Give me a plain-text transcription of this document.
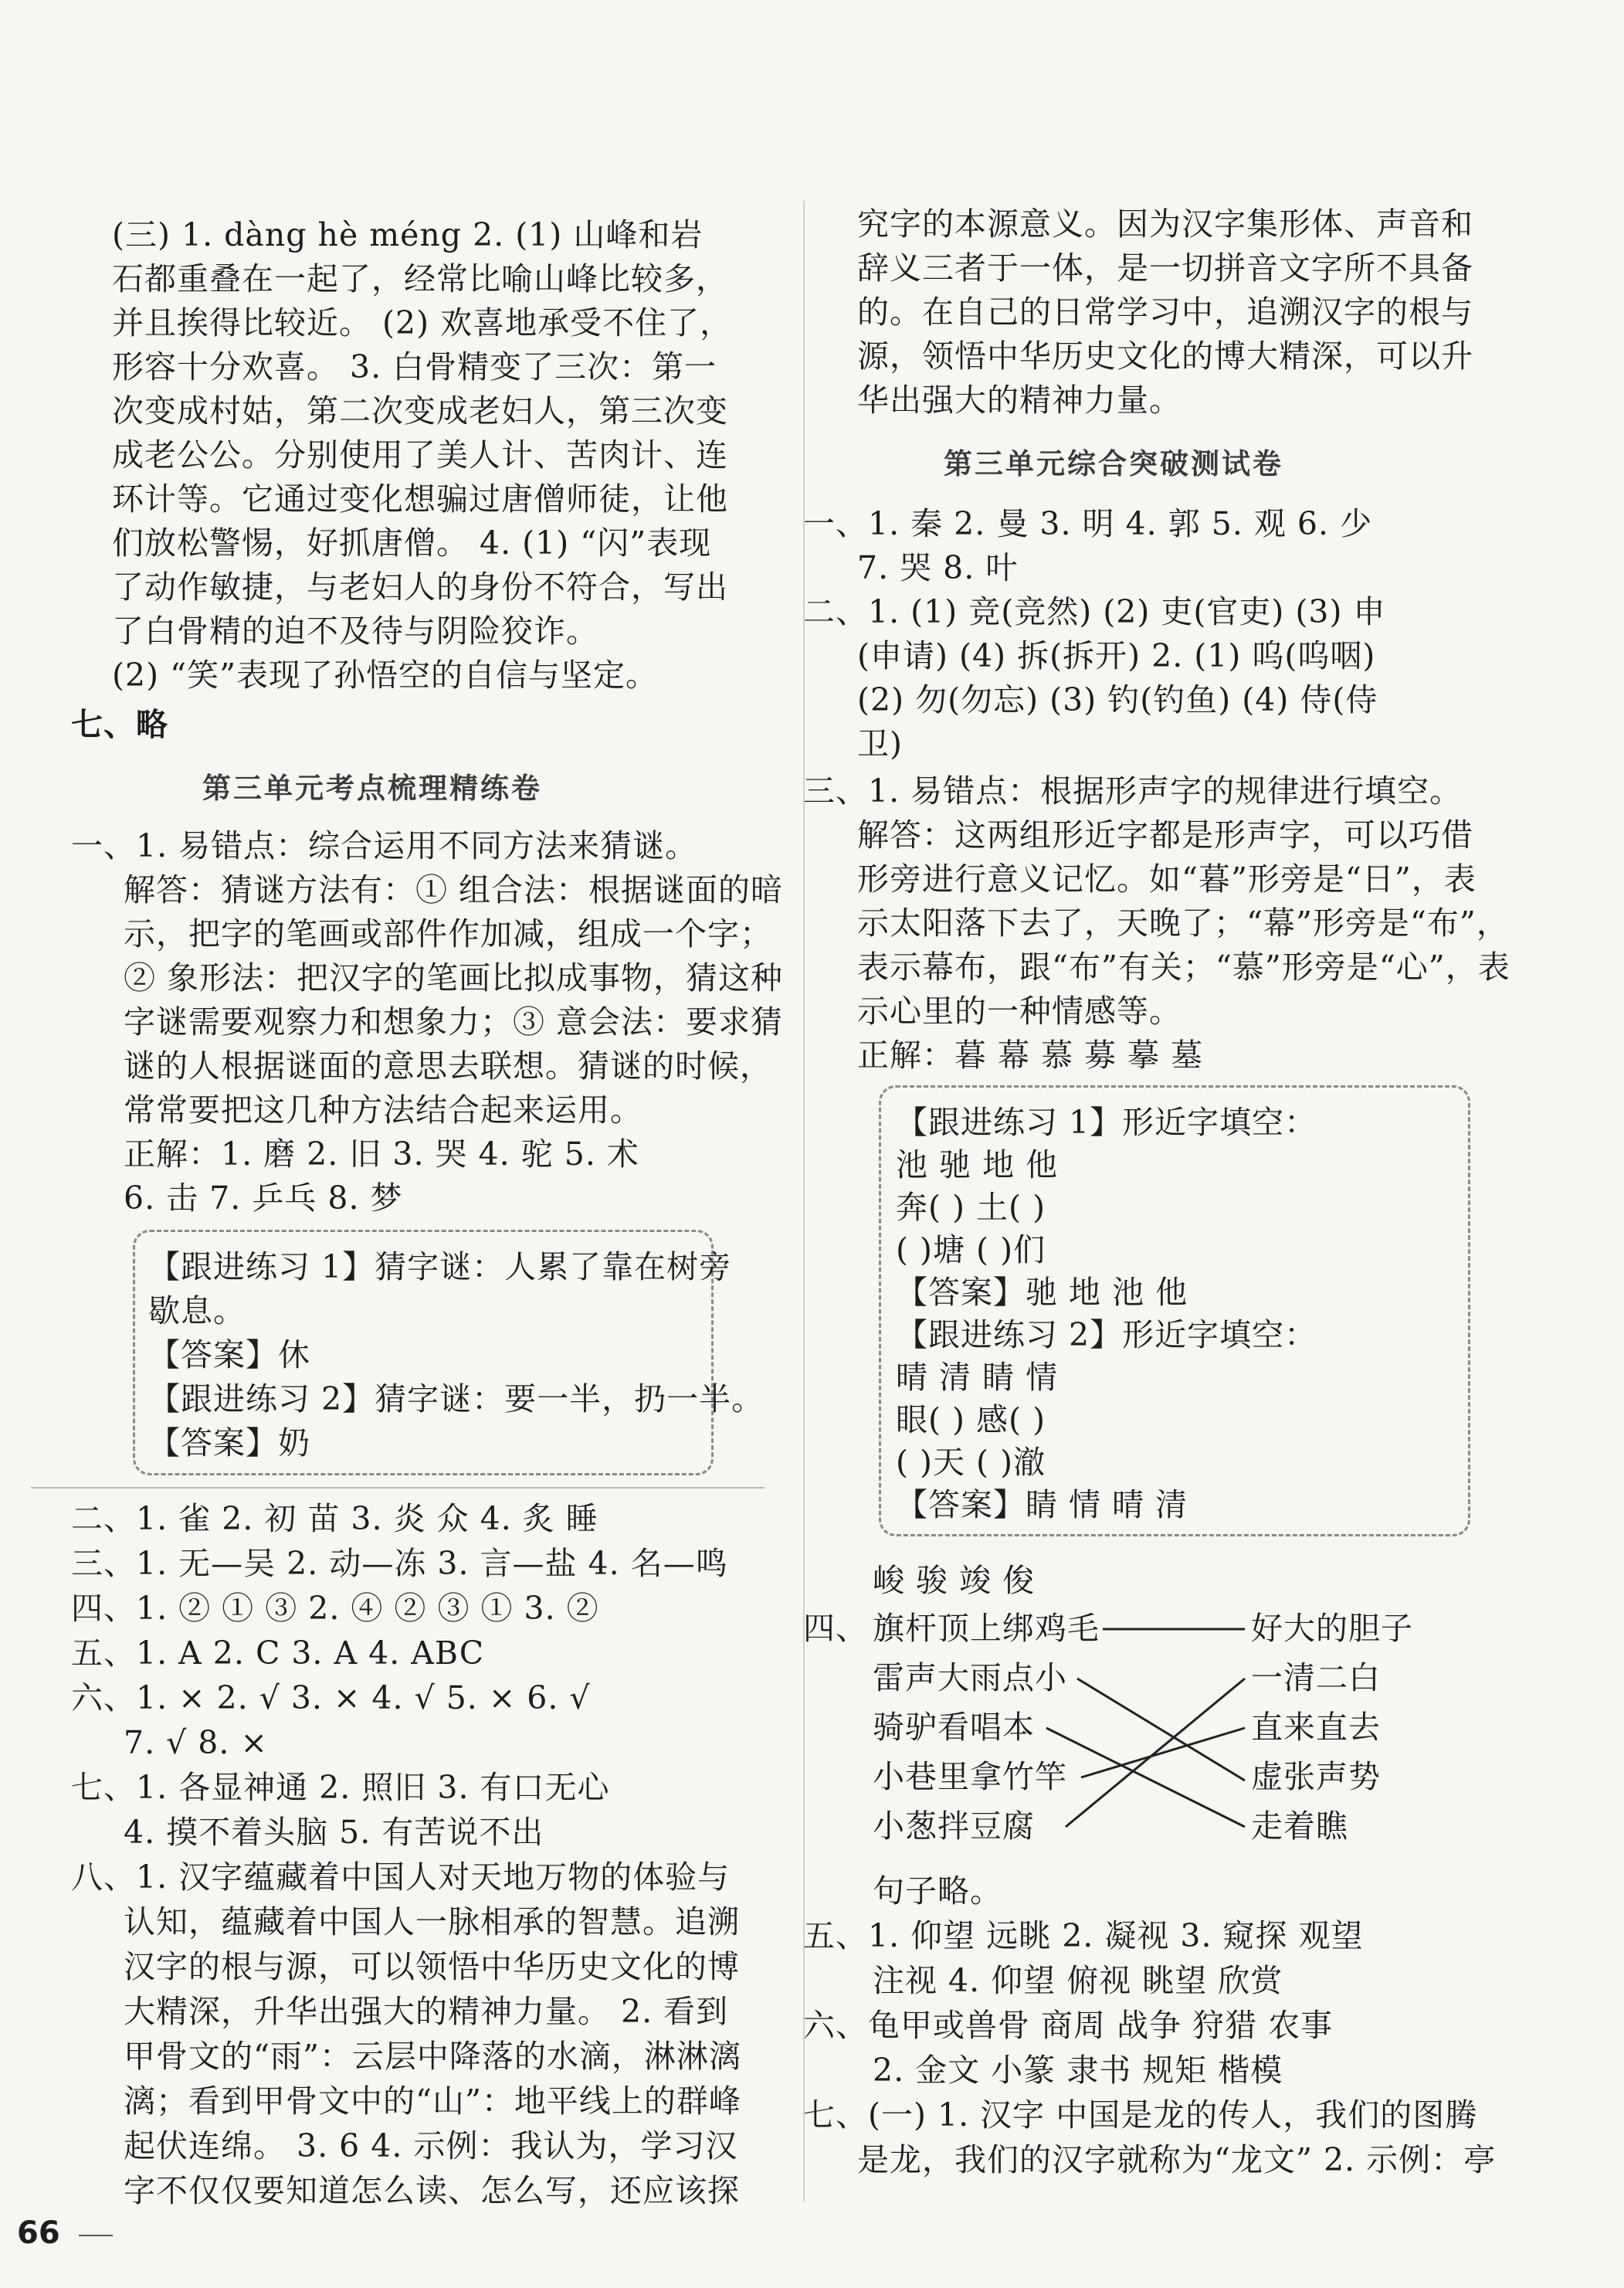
(三) 1. dàng hè méng 2. (1) 山峰和岩
石都重叠在一起了，经常比喻山峰比较多，
并且挨得比较近。 (2) 欢喜地承受不住了，
形容十分欢喜。 3. 白骨精变了三次：第一
次变成村姑，第二次变成老妇人，第三次变
成老公公。分别使用了美人计、苦肉计、连
环计等。它通过变化想骗过唐僧师徒，让他
们放松警惕，好抓唐僧。 4. (1) “闪”表现
了动作敏捷，与老妇人的身份不符合，写出
了白骨精的迫不及待与阴险狡诈。
(2) “笑”表现了孙悟空的自信与坚定。
七、略
第三单元考点梳理精练卷
一、1. 易错点：综合运用不同方法来猜谜。
解答：猜谜方法有：① 组合法：根据谜面的暗
示，把字的笔画或部件作加减，组成一个字；
② 象形法：把汉字的笔画比拟成事物，猜这种
字谜需要观察力和想象力；③ 意会法：要求猜
谜的人根据谜面的意思去联想。猜谜的时候，
常常要把这几种方法结合起来运用。
正解：1. 磨 2. 旧 3. 哭 4. 驼 5. 术
6. 击 7. 乒乓 8. 梦
【跟进练习 1】猜字谜：人累了靠在树旁
歇息。
【答案】休
【跟进练习 2】猜字谜：要一半，扔一半。
【答案】奶
二、1. 雀 2. 初 苗 3. 炎 众 4. 炙 睡
三、1. 无—吴 2. 动—冻 3. 言—盐 4. 名—鸣
四、1. ② ① ③ 2. ④ ② ③ ① 3. ②
五、1. A 2. C 3. A 4. ABC
六、1. × 2. √ 3. × 4. √ 5. × 6. √
7. √ 8. ×
七、1. 各显神通 2. 照旧 3. 有口无心
4. 摸不着头脑 5. 有苦说不出
八、1. 汉字蕴藏着中国人对天地万物的体验与
认知，蕴藏着中国人一脉相承的智慧。追溯
汉字的根与源，可以领悟中华历史文化的博
大精深，升华出强大的精神力量。 2. 看到
甲骨文的“雨”：云层中降落的水滴，淋淋漓
漓；看到甲骨文中的“山”：地平线上的群峰
起伏连绵。 3. 6 4. 示例：我认为，学习汉
字不仅仅要知道怎么读、怎么写，还应该探
究字的本源意义。因为汉字集形体、声音和
辞义三者于一体，是一切拼音文字所不具备
的。在自己的日常学习中，追溯汉字的根与
源，领悟中华历史文化的博大精深，可以升
华出强大的精神力量。
第三单元综合突破测试卷
一、1. 秦 2. 曼 3. 明 4. 郭 5. 观 6. 少
7. 哭 8. 叶
二、1. (1) 竞(竞然) (2) 吏(官吏) (3) 申
(申请) (4) 拆(拆开) 2. (1) 呜(呜咽)
(2) 勿(勿忘) (3) 钓(钓鱼) (4) 侍(侍
卫)
三、1. 易错点：根据形声字的规律进行填空。
解答：这两组形近字都是形声字，可以巧借
形旁进行意义记忆。如“暮”形旁是“日”，表
示太阳落下去了，天晚了；“幕”形旁是“布”，
表示幕布，跟“布”有关；“慕”形旁是“心”，表
示心里的一种情感等。
正解：暮 幕 慕 募 摹 墓
【跟进练习 1】形近字填空：
池 驰 地 他
奔( ) 土( )
( )塘 ( )们
【答案】驰 地 池 他
【跟进练习 2】形近字填空：
晴 清 睛 情
眼( ) 感( )
( )天 ( )澈
【答案】睛 情 晴 清
峻 骏 竣 俊
四、 旗杆顶上绑鸡毛
雷声大雨点小
骑驴看唱本
小巷里拿竹竿
小葱拌豆腐
好大的胆子
一清二白
直来直去
虚张声势
走着瞧
句子略。
五、1. 仰望 远眺 2. 凝视 3. 窥探 观望
注视 4. 仰望 俯视 眺望 欣赏
六、龟甲或兽骨 商周 战争 狩猎 农事
2. 金文 小篆 隶书 规矩 楷模
七、(一) 1. 汉字 中国是龙的传人，我们的图腾
是龙，我们的汉字就称为“龙文” 2. 示例：亭
66
